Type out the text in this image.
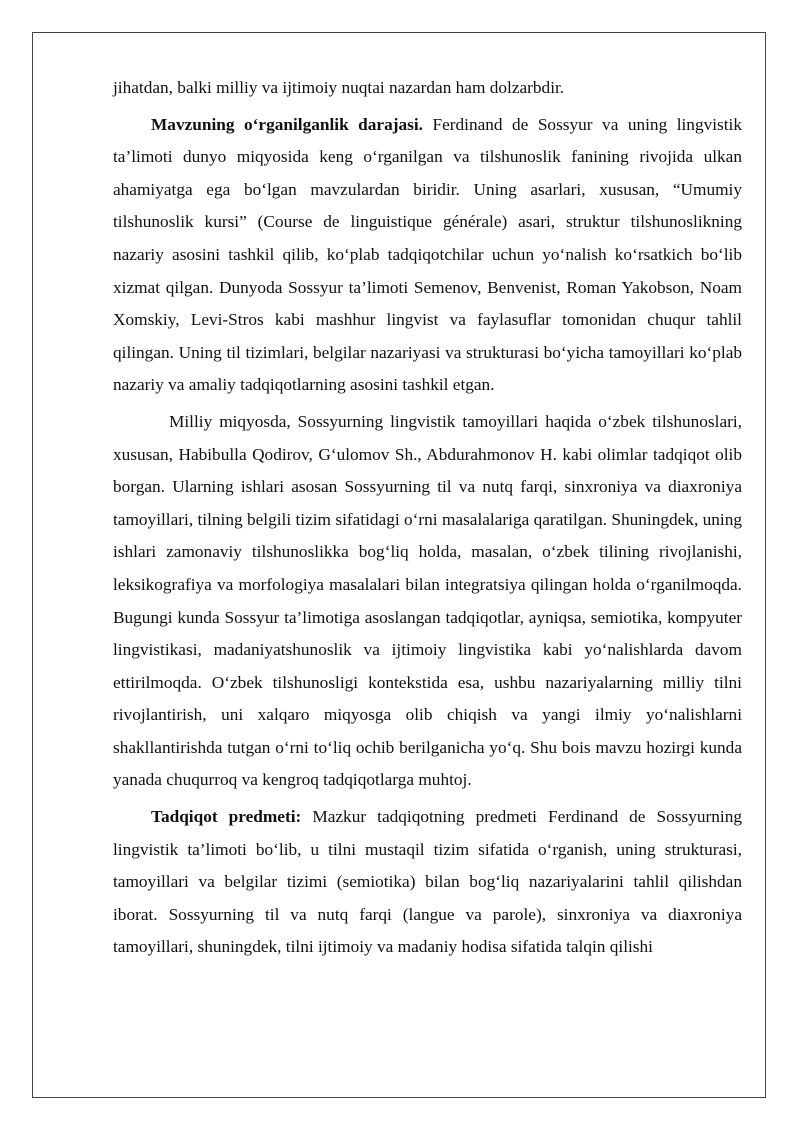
jihatdan, balki milliy va ijtimoiy nuqtai nazardan ham dolzarbdir.

Mavzuning o‘rganilganlik darajasi. Ferdinand de Sossyur va uning lingvistik ta’limoti dunyo miqyosida keng o‘rganilgan va tilshunoslik fanining rivojida ulkan ahamiyatga ega bo‘lgan mavzulardan biridir. Uning asarlari, xususan, “Umumiy tilshunoslik kursi” (Course de linguistique générale) asari, struktur tilshunoslikning nazariy asosini tashkil qilib, ko‘plab tadqiqotchilar uchun yo‘nalish ko‘rsatkich bo‘lib xizmat qilgan. Dunyoda Sossyur ta’limoti Semenov, Benvenist, Roman Yakobson, Noam Xomskiy, Levi-Stros kabi mashhur lingvist va faylasuflar tomonidan chuqur tahlil qilingan. Uning til tizimlari, belgilar nazariyasi va strukturasi bo‘yicha tamoyillari ko‘plab nazariy va amaliy tadqiqotlarning asosini tashkil etgan.

Milliy miqyosda, Sossyurning lingvistik tamoyillari haqida o‘zbek tilshunoslari, xususan, Habibulla Qodirov, G‘ulomov Sh., Abdurahmonov H. kabi olimlar tadqiqot olib borgan. Ularning ishlari asosan Sossyurning til va nutq farqi, sinxroniya va diaxroniya tamoyillari, tilning belgili tizim sifatidagi o‘rni masalalariga qaratilgan. Shuningdek, uning ishlari zamonaviy tilshunoslikka bog‘liq holda, masalan, o‘zbek tilining rivojlanishi, leksikografiya va morfologiya masalalari bilan integratsiya qilingan holda o‘rganilmoqda. Bugungi kunda Sossyur ta’limotiga asoslangan tadqiqotlar, ayniqsa, semiotika, kompyuter lingvistikasi, madaniyatshunoslik va ijtimoiy lingvistika kabi yo‘nalishlarda davom ettirilmoqda. O‘zbek tilshunosligi kontekstida esa, ushbu nazariyalarning milliy tilni rivojlantirish, uni xalqaro miqyosga olib chiqish va yangi ilmiy yo‘nalishlarni shakllantirishda tutgan o‘rni to‘liq ochib berilganicha yo‘q. Shu bois mavzu hozirgi kunda yanada chuqurroq va kengroq tadqiqotlarga muhtoj.

Tadqiqot predmeti: Mazkur tadqiqotning predmeti Ferdinand de Sossyurning lingvistik ta’limoti bo‘lib, u tilni mustaqil tizim sifatida o‘rganish, uning strukturasi, tamoyillari va belgilar tizimi (semiotika) bilan bog‘liq nazariyalarini tahlil qilishdan iborat. Sossyurning til va nutq farqi (langue va parole), sinxroniya va diaxroniya tamoyillari, shuningdek, tilni ijtimoiy va madaniy hodisa sifatida talqin qilishi
